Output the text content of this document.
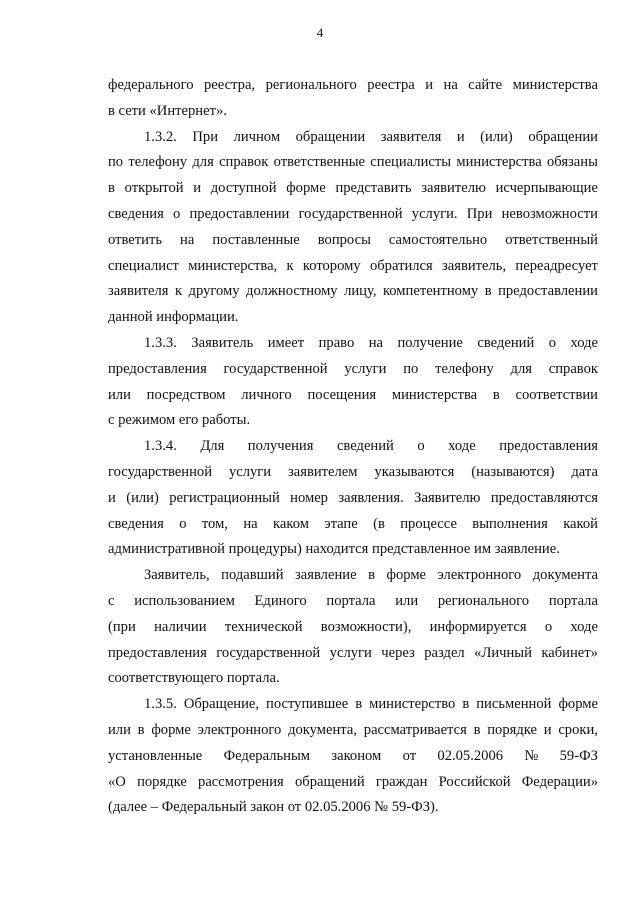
4
федерального реестра, регионального реестра и на сайте министерства
в сети «Интернет».
1.3.2. При личном обращении заявителя и (или) обращении
по телефону для справок ответственные специалисты министерства обязаны
в открытой и доступной форме представить заявителю исчерпывающие
сведения о предоставлении государственной услуги. При невозможности
ответить на поставленные вопросы самостоятельно ответственный
специалист министерства, к которому обратился заявитель, переадресует
заявителя к другому должностному лицу, компетентному в предоставлении
данной информации.
1.3.3. Заявитель имеет право на получение сведений о ходе
предоставления государственной услуги по телефону для справок
или посредством личного посещения министерства в соответствии
с режимом его работы.
1.3.4. Для получения сведений о ходе предоставления
государственной услуги заявителем указываются (называются) дата
и (или) регистрационный номер заявления. Заявителю предоставляются
сведения о том, на каком этапе (в процессе выполнения какой
административной процедуры) находится представленное им заявление.
Заявитель, подавший заявление в форме электронного документа
с использованием Единого портала или регионального портала
(при наличии технической возможности), информируется о ходе
предоставления государственной услуги через раздел «Личный кабинет»
соответствующего портала.
1.3.5. Обращение, поступившее в министерство в письменной форме
или в форме электронного документа, рассматривается в порядке и сроки,
установленные Федеральным законом от 02.05.2006 № 59-ФЗ
«О порядке рассмотрения обращений граждан Российской Федерации»
(далее – Федеральный закон от 02.05.2006 № 59-ФЗ).
